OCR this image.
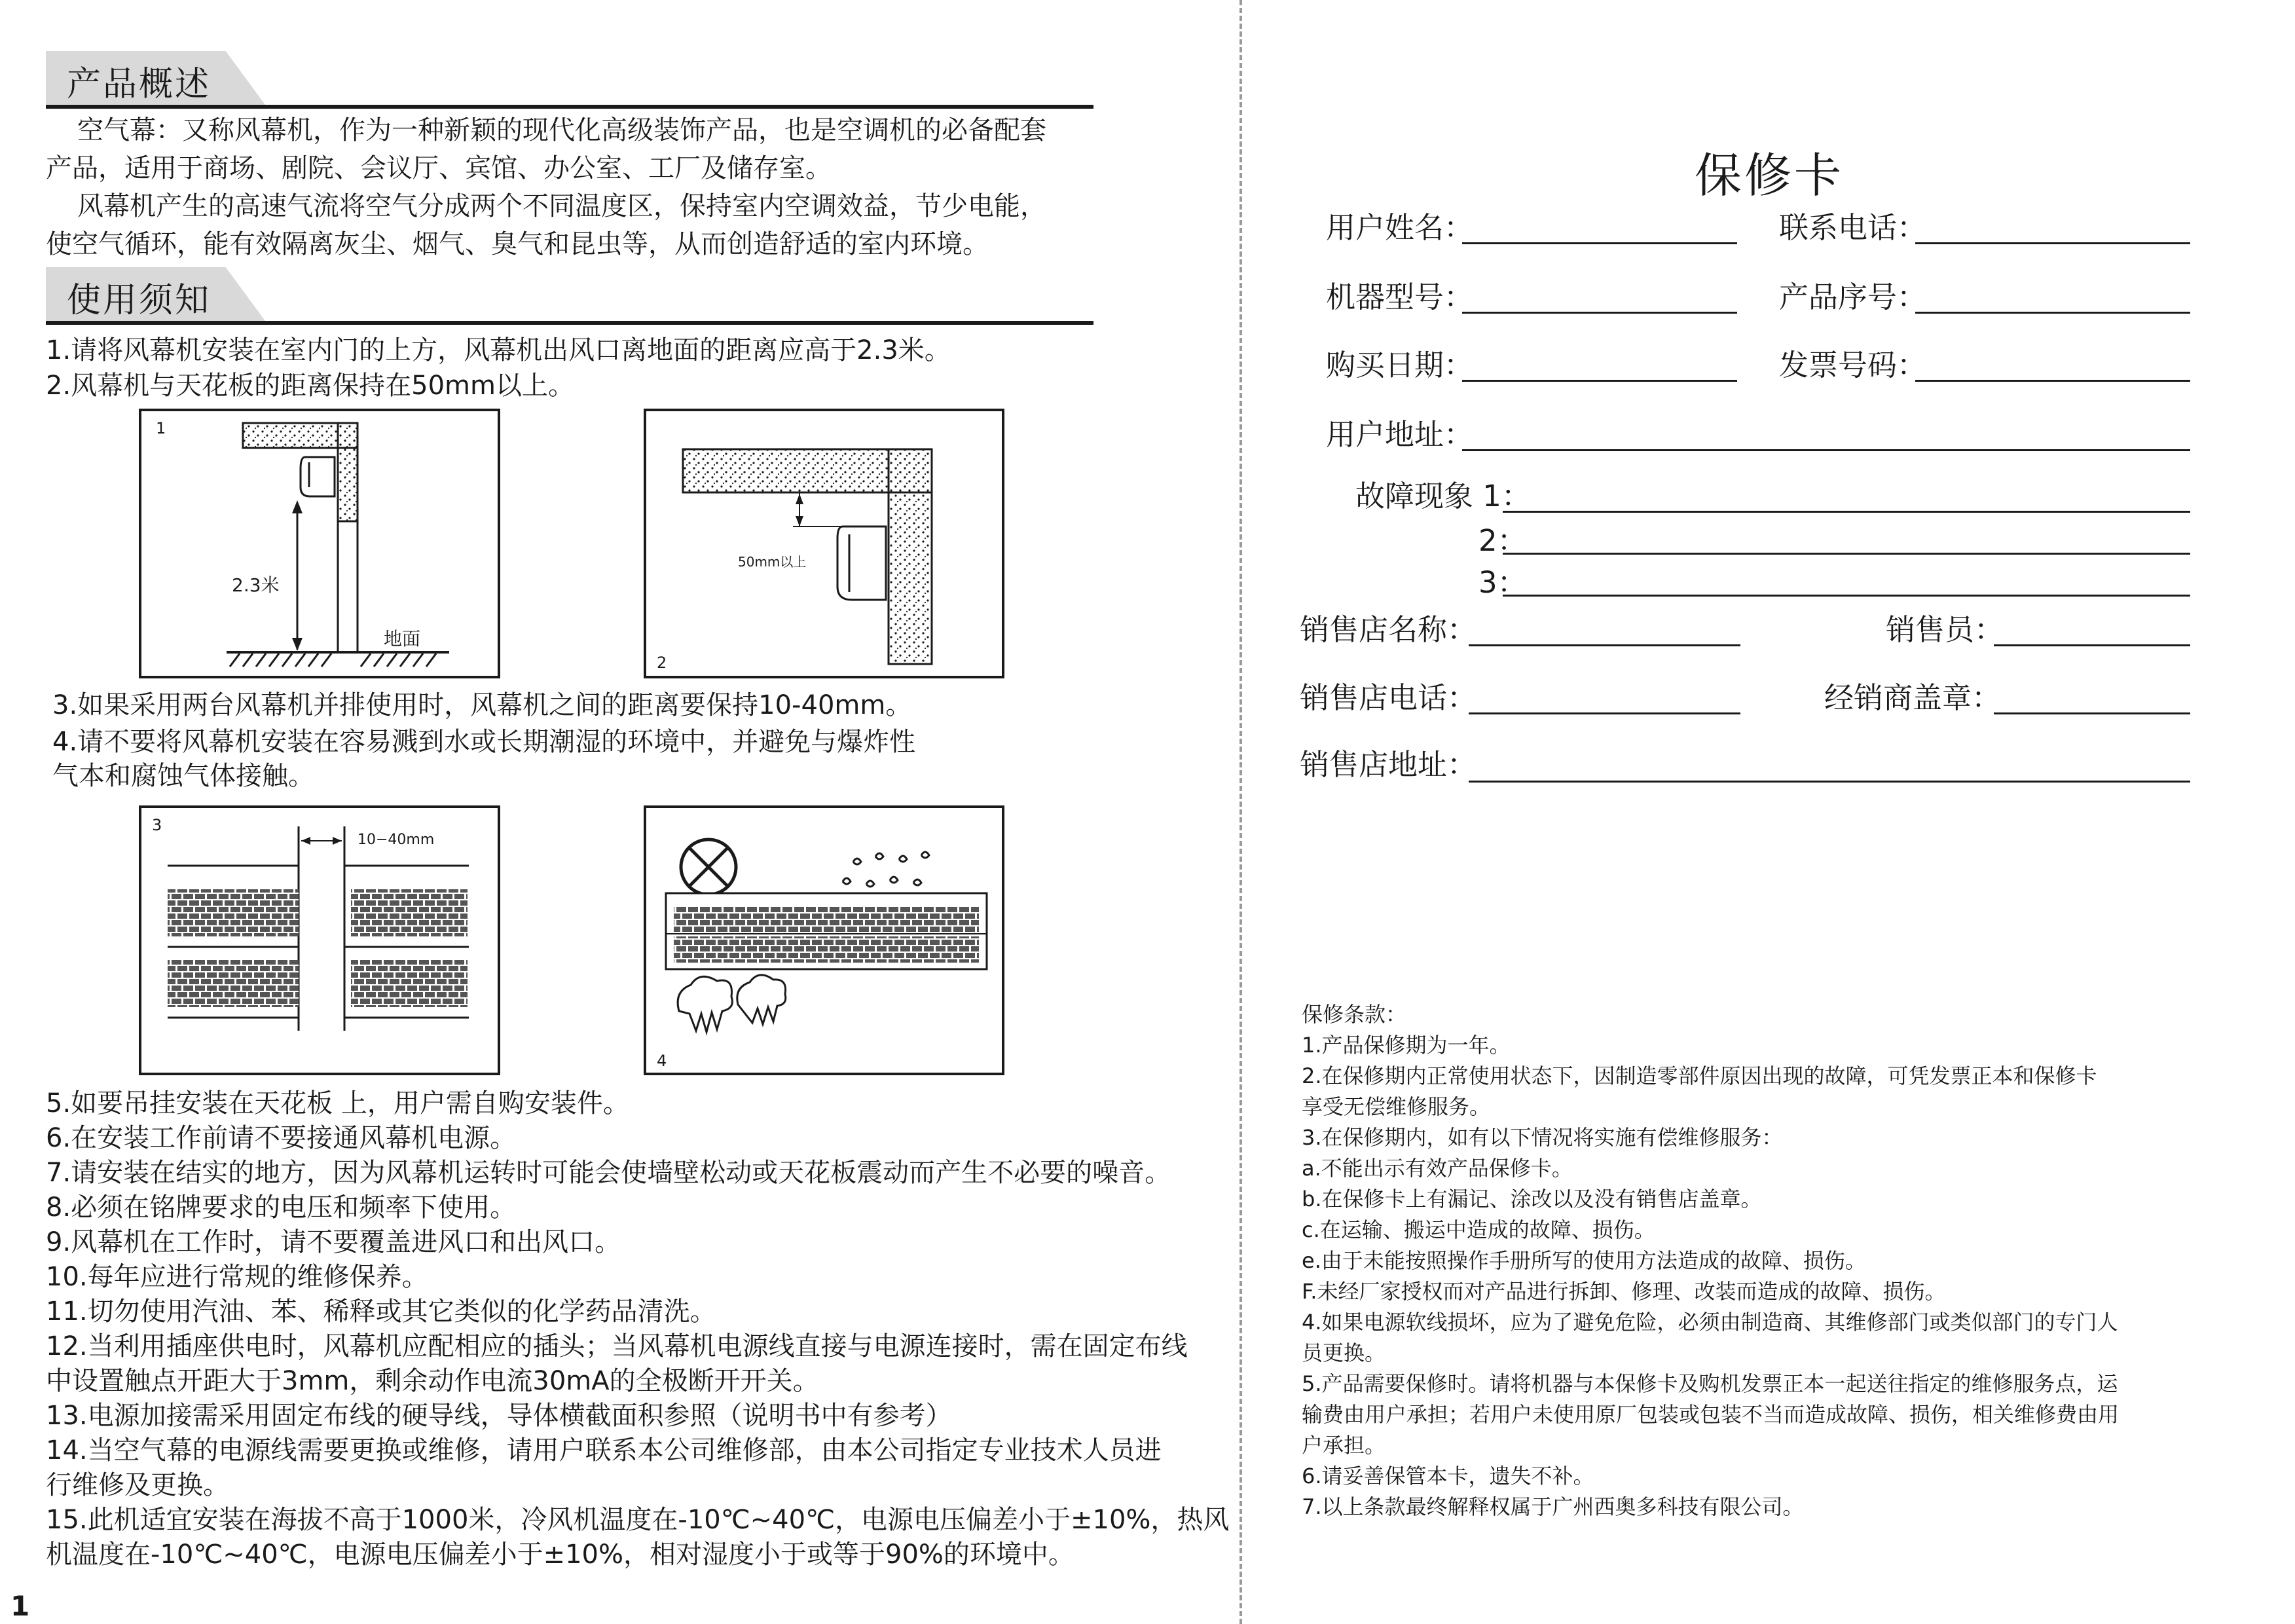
产品概述
空气幕：又称风幕机，作为一种新颖的现代化高级装饰产品，也是空调机的必备配套
产品，适用于商场、剧院、会议厅、宾馆、办公室、工厂及储存室。
风幕机产生的高速气流将空气分成两个不同温度区，保持室内空调效益，节少电能，
使空气循环，能有效隔离灰尘、烟气、臭气和昆虫等，从而创造舒适的室内环境。
使用须知
1.请将风幕机安装在室内门的上方，风幕机出风口离地面的距离应高于2.3米。
2.风幕机与天花板的距离保持在50mm以上。
1
2.3米
地面
50mm以上
2
3.如果采用两台风幕机并排使用时，风幕机之间的距离要保持10-40mm。
4.请不要将风幕机安装在容易溅到水或长期潮湿的环境中，并避免与爆炸性
气本和腐蚀气体接触。
3
10−40mm
4
5.如要吊挂安装在天花板 上，用户需自购安装件。
6.在安装工作前请不要接通风幕机电源。
7.请安装在结实的地方，因为风幕机运转时可能会使墙壁松动或天花板震动而产生不必要的噪音。
8.必须在铭牌要求的电压和频率下使用。
9.风幕机在工作时，请不要覆盖进风口和出风口。
10.每年应进行常规的维修保养。
11.切勿使用汽油、苯、稀释或其它类似的化学药品清洗。
12.当利用插座供电时，风幕机应配相应的插头；当风幕机电源线直接与电源连接时，需在固定布线
中设置触点开距大于3mm，剩余动作电流30mA的全极断开开关。
13.电源加接需采用固定布线的硬导线，导体横截面积参照（说明书中有参考）
14.当空气幕的电源线需要更换或维修，请用户联系本公司维修部，由本公司指定专业技术人员进
行维修及更换。
15.此机适宜安装在海拔不高于1000米，冷风机温度在-10℃~40℃，电源电压偏差小于±10%，热风
机温度在-10℃~40℃，电源电压偏差小于±10%，相对湿度小于或等于90%的环境中。
1
保修卡
用户姓名：	联系电话：
机器型号：	产品序号：
购买日期：	发票号码：
用户地址：
故障现象 1：
2：
3：
销售店名称：	销售员：
销售店电话：	经销商盖章：
销售店地址：
保修条款：
1.产品保修期为一年。
2.在保修期内正常使用状态下，因制造零部件原因出现的故障，可凭发票正本和保修卡
享受无偿维修服务。
3.在保修期内，如有以下情况将实施有偿维修服务：
a.不能出示有效产品保修卡。
b.在保修卡上有漏记、涂改以及没有销售店盖章。
c.在运输、搬运中造成的故障、损伤。
e.由于未能按照操作手册所写的使用方法造成的故障、损伤。
F.未经厂家授权而对产品进行拆卸、修理、改装而造成的故障、损伤。
4.如果电源软线损坏，应为了避免危险，必须由制造商、其维修部门或类似部门的专门人
员更换。
5.产品需要保修时。请将机器与本保修卡及购机发票正本一起送往指定的维修服务点，运
输费由用户承担；若用户未使用原厂包装或包装不当而造成故障、损伤，相关维修费由用
户承担。
6.请妥善保管本卡，遗失不补。
7.以上条款最终解释权属于广州西奥多科技有限公司。
